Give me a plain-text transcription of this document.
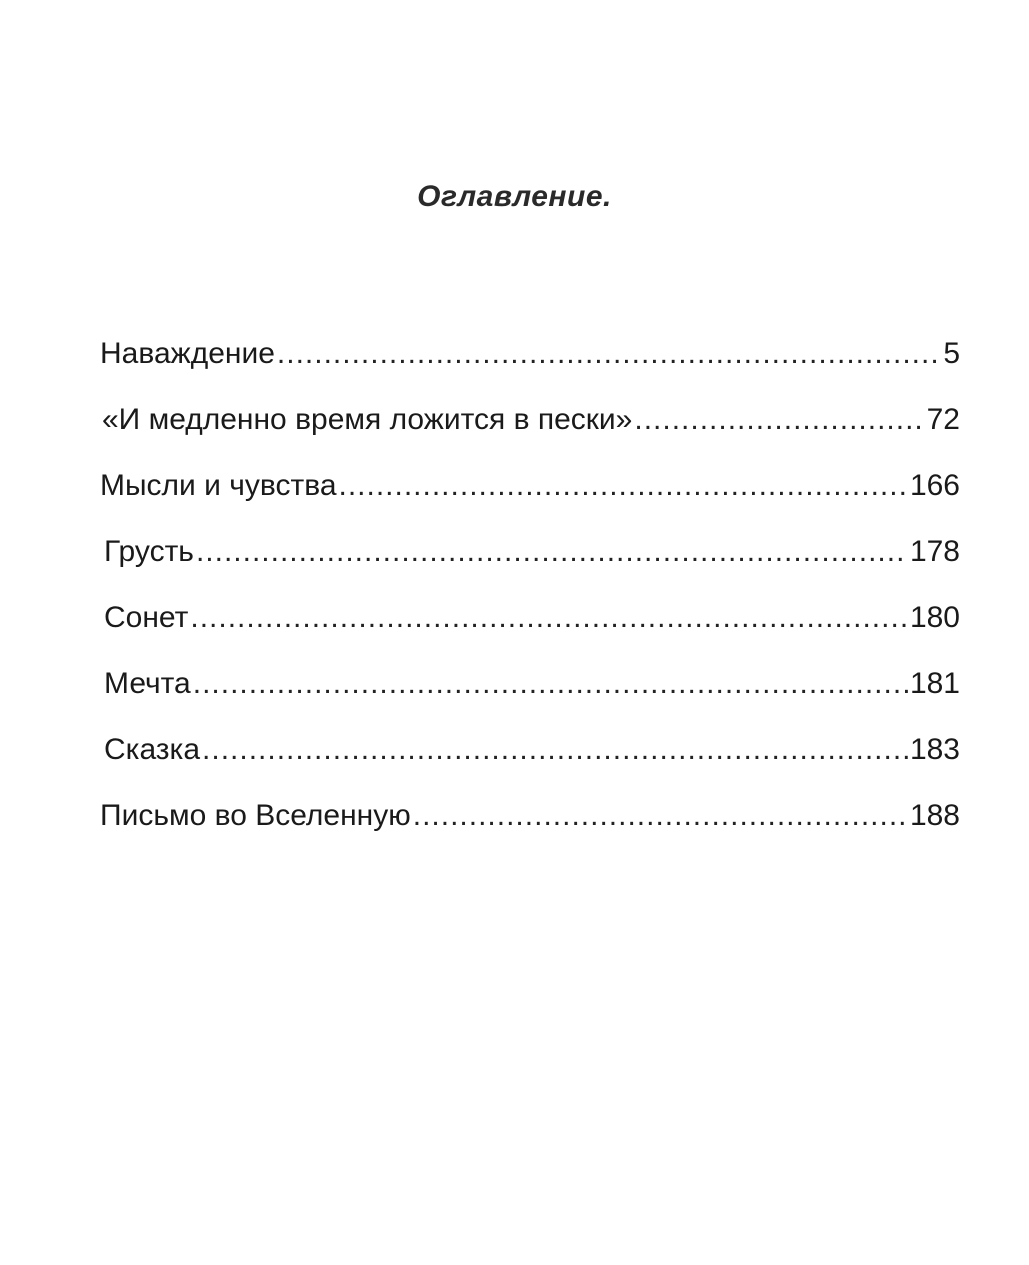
Оглавление.
Наваждение .....	5
«И медленно время ложится в пески» .....	72
Мысли и чувства .....	166
Грусть .....	178
Сонет .....	180
Мечта .....	181
Сказка .....	183
Письмо во Вселенную .....	188
